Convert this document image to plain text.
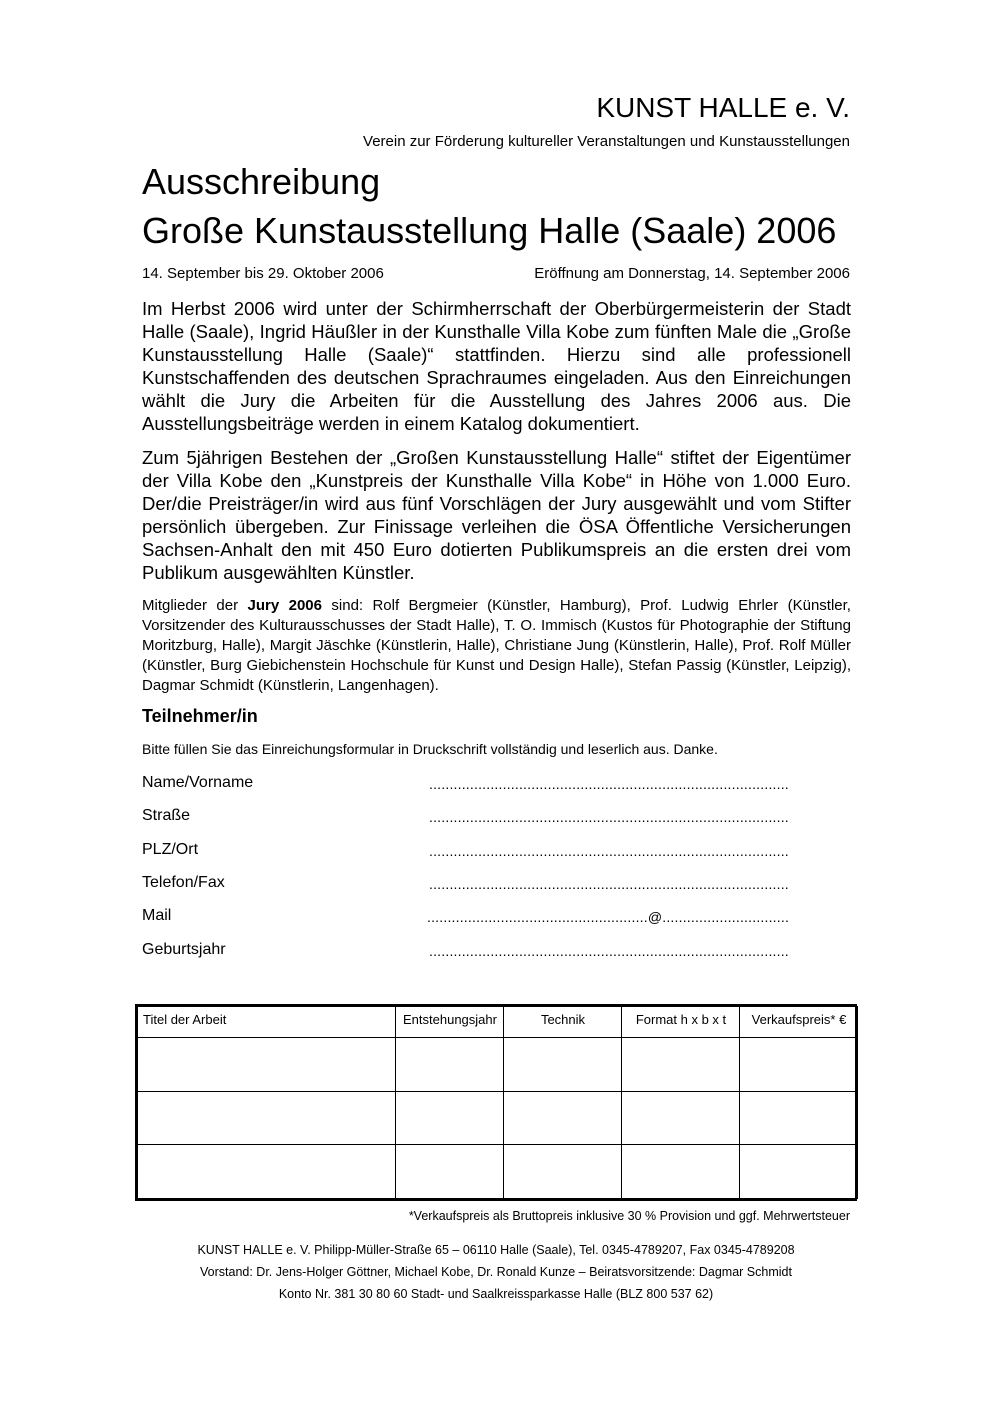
KUNST HALLE e. V.
Verein zur Förderung kultureller Veranstaltungen und Kunstausstellungen
Ausschreibung
Große Kunstausstellung Halle (Saale) 2006
14. September bis 29. Oktober 2006	Eröffnung am Donnerstag, 14. September 2006
Im Herbst 2006 wird unter der Schirmherrschaft der Oberbürgermeisterin der Stadt Halle (Saale), Ingrid Häußler in der Kunsthalle Villa Kobe zum fünften Male die „Große Kunstausstellung Halle (Saale)“ stattfinden. Hierzu sind alle professionell Kunstschaffenden des deutschen Sprachraumes eingeladen. Aus den Einreichungen wählt die Jury die Arbeiten für die Ausstellung des Jahres 2006 aus. Die Ausstellungsbeiträge werden in einem Katalog dokumentiert.
Zum 5jährigen Bestehen der „Großen Kunstausstellung Halle“ stiftet der Eigentümer der Villa Kobe den „Kunstpreis der Kunsthalle Villa Kobe“ in Höhe von 1.000 Euro. Der/die Preisträger/in wird aus fünf Vorschlägen der Jury ausgewählt und vom Stifter persönlich übergeben. Zur Finissage verleihen die ÖSA Öffentliche Versicherungen Sachsen-Anhalt den mit 450 Euro dotierten Publikumspreis an die ersten drei vom Publikum ausgewählten Künstler.
Mitglieder der Jury 2006 sind: Rolf Bergmeier (Künstler, Hamburg), Prof. Ludwig Ehrler (Künstler, Vorsitzender des Kulturausschusses der Stadt Halle), T. O. Immisch (Kustos für Photographie der Stiftung Moritzburg, Halle), Margit Jäschke (Künstlerin, Halle), Christiane Jung (Künstlerin, Halle), Prof. Rolf Müller (Künstler, Burg Giebichenstein Hochschule für Kunst und Design Halle), Stefan Passig (Künstler, Leipzig), Dagmar Schmidt (Künstlerin, Langenhagen).
Teilnehmer/in
Bitte füllen Sie das Einreichungsformular in Druckschrift vollständig und leserlich aus. Danke.
Name/Vorname	........................................................................................
Straße	........................................................................................
PLZ/Ort	........................................................................................
Telefon/Fax	........................................................................................
Mail	......................................................@...............................
Geburtsjahr	........................................................................................
Titel der Arbeit	Entstehungsjahr	Technik	Format h x b x t	Verkaufspreis* €

*Verkaufspreis als Bruttopreis inklusive 30 % Provision und ggf. Mehrwertsteuer
KUNST HALLE e. V. Philipp-Müller-Straße 65 – 06110 Halle (Saale), Tel. 0345-4789207, Fax 0345-4789208
Vorstand: Dr. Jens-Holger Göttner, Michael Kobe, Dr. Ronald Kunze – Beiratsvorsitzende: Dagmar Schmidt
Konto Nr. 381 30 80 60 Stadt- und Saalkreissparkasse Halle (BLZ 800 537 62)
